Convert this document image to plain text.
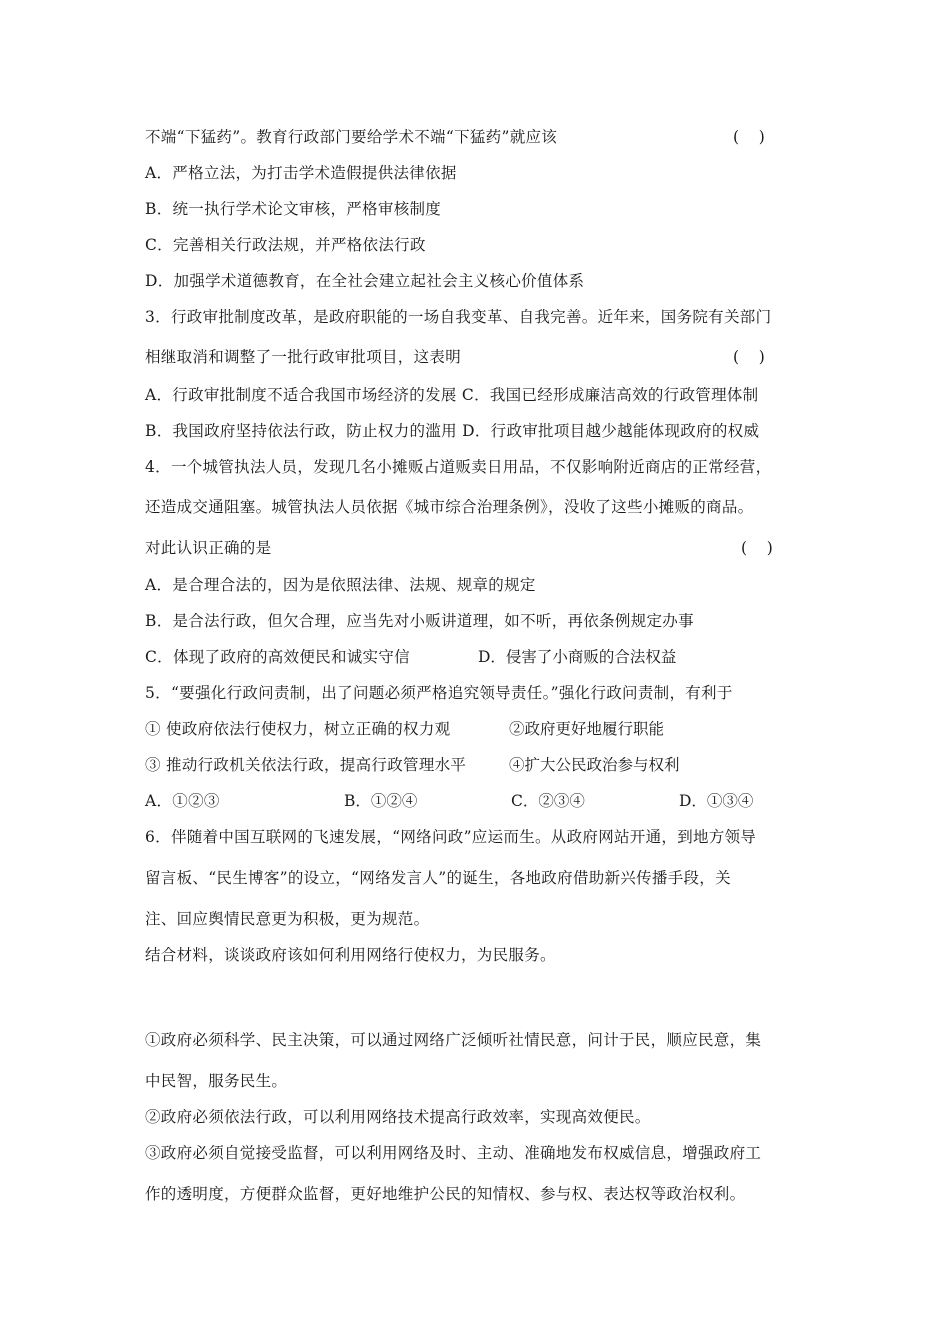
不端“下猛药”。教育行政部门要给学术不端“下猛药”就应该	(    )
A．严格立法，为打击学术造假提供法律依据
B．统一执行学术论文审核，严格审核制度
C．完善相关行政法规，并严格依法行政
D．加强学术道德教育，在全社会建立起社会主义核心价值体系
3．行政审批制度改革，是政府职能的一场自我变革、自我完善。近年来，国务院有关部门
相继取消和调整了一批行政审批项目，这表明	(    )
A．行政审批制度不适合我国市场经济的发展 C．我国已经形成廉洁高效的行政管理体制
B．我国政府坚持依法行政，防止权力的滥用 D．行政审批项目越少越能体现政府的权威
4．一个城管执法人员，发现几名小摊贩占道贩卖日用品，不仅影响附近商店的正常经营，
还造成交通阻塞。城管执法人员依据《城市综合治理条例》，没收了这些小摊贩的商品。
对此认识正确的是	(    )
A．是合理合法的，因为是依照法律、法规、规章的规定
B．是合法行政，但欠合理，应当先对小贩讲道理，如不听，再依条例规定办事
C．体现了政府的高效便民和诚实守信	D．侵害了小商贩的合法权益
5．“要强化行政问责制，出了问题必须严格追究领导责任。”强化行政问责制，有利于
① 使政府依法行使权力，树立正确的权力观	②政府更好地履行职能
③ 推动行政机关依法行政，提高行政管理水平	④扩大公民政治参与权利
A．①②③	B．①②④	C．②③④	D．①③④
6．伴随着中国互联网的飞速发展，“网络问政”应运而生。从政府网站开通，到地方领导
留言板、“民生博客”的设立，“网络发言人”的诞生，各地政府借助新兴传播手段，关
注、回应舆情民意更为积极，更为规范。
结合材料，谈谈政府该如何利用网络行使权力，为民服务。
①政府必须科学、民主决策，可以通过网络广泛倾听社情民意，问计于民，顺应民意，集
中民智，服务民生。
②政府必须依法行政，可以利用网络技术提高行政效率，实现高效便民。
③政府必须自觉接受监督，可以利用网络及时、主动、准确地发布权威信息，增强政府工
作的透明度，方便群众监督，更好地维护公民的知情权、参与权、表达权等政治权利。
